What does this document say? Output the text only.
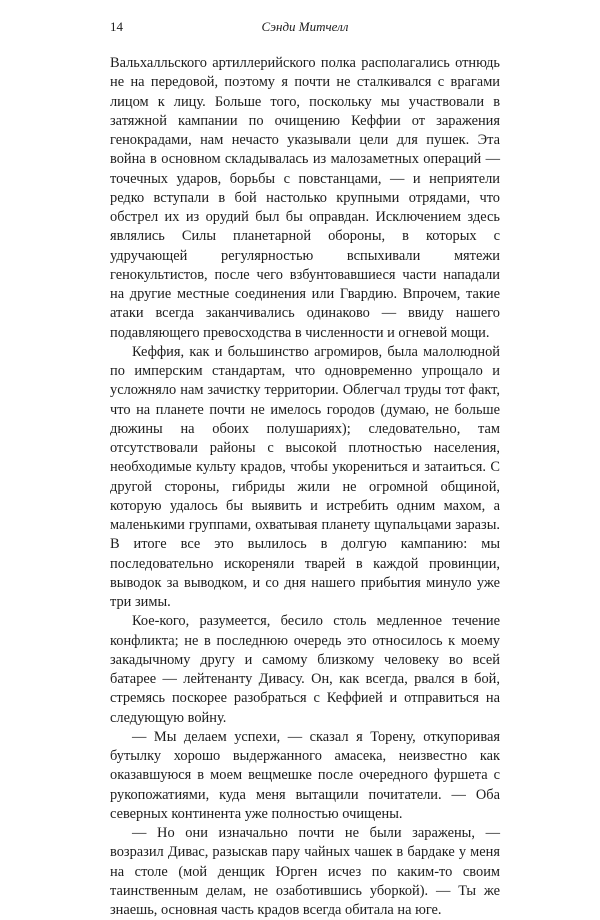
14	Сэнди Митчелл

Вальхалльского артиллерийского полка располагались отнюдь не на передовой, поэтому я почти не сталкивался с врагами лицом к лицу. Больше того, поскольку мы участвовали в затяжной кампании по очищению Кеффии от заражения генокрадами, нам нечасто указывали цели для пушек. Эта война в основном складывалась из малозаметных операций — точечных ударов, борьбы с повстанцами, — и неприятели редко вступали в бой настолько крупными отрядами, что обстрел их из орудий был бы оправдан. Исключением здесь являлись Силы планетарной обороны, в которых с удручающей регулярностью вспыхивали мятежи генокультистов, после чего взбунтовавшиеся части нападали на другие местные соединения или Гвардию. Впрочем, такие атаки всегда заканчивались одинаково — ввиду нашего подавляющего превосходства в численности и огневой мощи.

Кеффия, как и большинство агромиров, была малолюдной по имперским стандартам, что одновременно упрощало и усложняло нам зачистку территории. Облегчал труды тот факт, что на планете почти не имелось городов (думаю, не больше дюжины на обоих полушариях); следовательно, там отсутствовали районы с высокой плотностью населения, необходимые культу крадов, чтобы укорениться и затаиться. С другой стороны, гибриды жили не огромной общиной, которую удалось бы выявить и истребить одним махом, а маленькими группами, охватывая планету щупальцами заразы. В итоге все это вылилось в долгую кампанию: мы последовательно искореняли тварей в каждой провинции, выводок за выводком, и со дня нашего прибытия минуло уже три зимы.

Кое-кого, разумеется, бесило столь медленное течение конфликта; не в последнюю очередь это относилось к моему закадычному другу и самому близкому человеку во всей батарее — лейтенанту Дивасу. Он, как всегда, рвался в бой, стремясь поскорее разобраться с Кеффией и отправиться на следующую войну.

— Мы делаем успехи, — сказал я Торену, откупоривая бутылку хорошо выдержанного амасека, неизвестно как оказавшуюся в моем вещмешке после очередного фуршета с рукопожатиями, куда меня вытащили почитатели. — Оба северных континента уже полностью очищены.

— Но они изначально почти не были заражены, — возразил Дивас, разыскав пару чайных чашек в бардаке у меня на столе (мой денщик Юрген исчез по каким-то своим таинственным делам, не озаботившись уборкой). — Ты же знаешь, основная часть крадов всегда обитала на юге.
